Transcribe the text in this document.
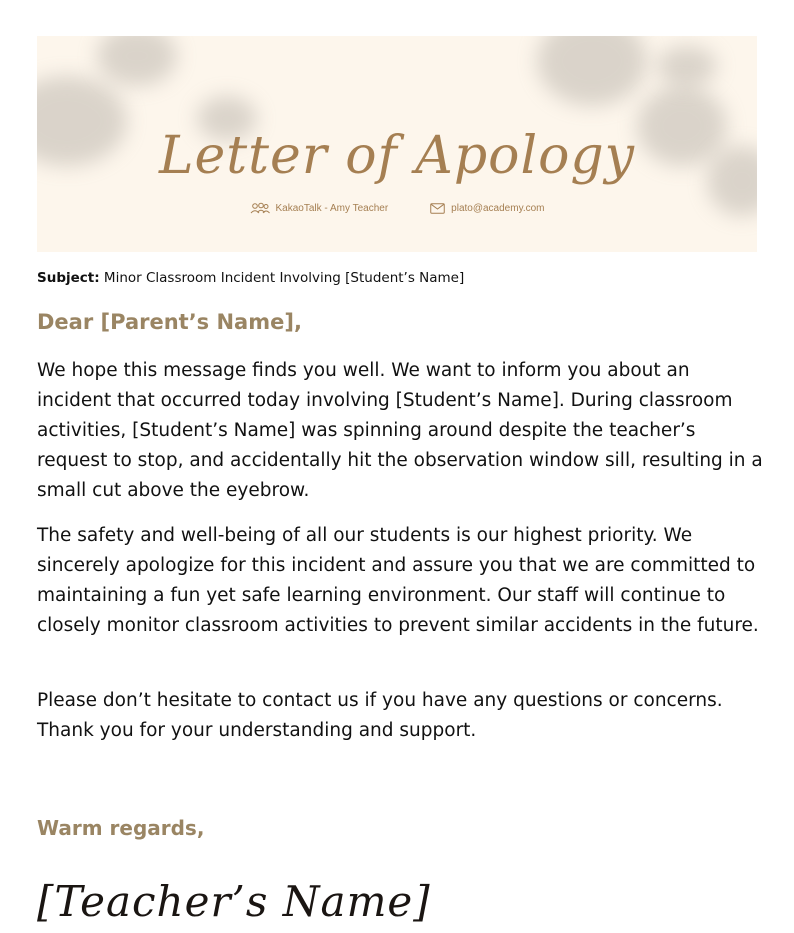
Letter of Apology
KakaoTalk - Amy Teacher	plato@academy.com
Subject: Minor Classroom Incident Involving [Student’s Name]
Dear [Parent’s Name],

We hope this message finds you well. We want to inform you about an incident that occurred today involving [Student’s Name]. During classroom activities, [Student’s Name] was spinning around despite the teacher’s request to stop, and accidentally hit the observation window sill, resulting in a small cut above the eyebrow.

The safety and well-being of all our students is our highest priority. We sincerely apologize for this incident and assure you that we are committed to maintaining a fun yet safe learning environment. Our staff will continue to closely monitor classroom activities to prevent similar accidents in the future.

Please don’t hesitate to contact us if you have any questions or concerns. Thank you for your understanding and support.

Warm regards,
[Teacher’s Name]
